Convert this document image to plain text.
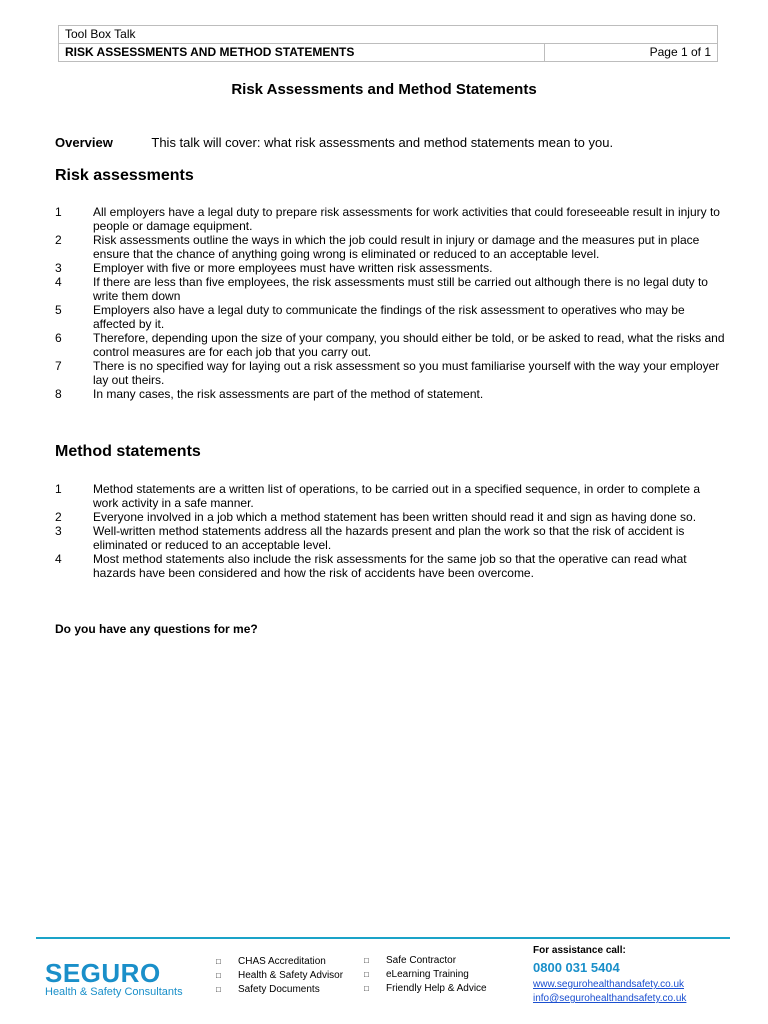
Tool Box Talk
RISK ASSESSMENTS AND METHOD STATEMENTS	Page 1 of 1
Risk Assessments and Method Statements
Overview	This talk will cover: what risk assessments and method statements mean to you.
Risk assessments
1	All employers have a legal duty to prepare risk assessments for work activities that could foreseeable result in injury to people or damage equipment.
2	Risk assessments outline the ways in which the job could result in injury or damage and the measures put in place ensure that the chance of anything going wrong is eliminated or reduced to an acceptable level.
3	Employer with five or more employees must have written risk assessments.
4	If there are less than five employees, the risk assessments must still be carried out although there is no legal duty to write them down
5	Employers also have a legal duty to communicate the findings of the risk assessment to operatives who may be affected by it.
6	Therefore, depending upon the size of your company, you should either be told, or be asked to read, what the risks and control measures are for each job that you carry out.
7	There is no specified way for laying out a risk assessment so you must familiarise yourself with the way your employer lay out theirs.
8	In many cases, the risk assessments are part of the method of statement.
Method statements
1	Method statements are a written list of operations, to be carried out in a specified sequence, in order to complete a work activity in a safe manner.
2	Everyone involved in a job which a method statement has been written should read it and sign as having done so.
3	Well-written method statements address all the hazards present and plan the work so that the risk of accident is eliminated or reduced to an acceptable level.
4	Most method statements also include the risk assessments for the same job so that the operative can read what hazards have been considered and how the risk of accidents have been overcome.
Do you have any questions for me?
SEGURO
Health & Safety Consultants
□ CHAS Accreditation
□ Health & Safety Advisor
□ Safety Documents
□ Safe Contractor
□ eLearning Training
□ Friendly Help & Advice
For assistance call:
0800 031 5404
www.segurohealthandsafety.co.uk
info@segurohealthandsafety.co.uk
